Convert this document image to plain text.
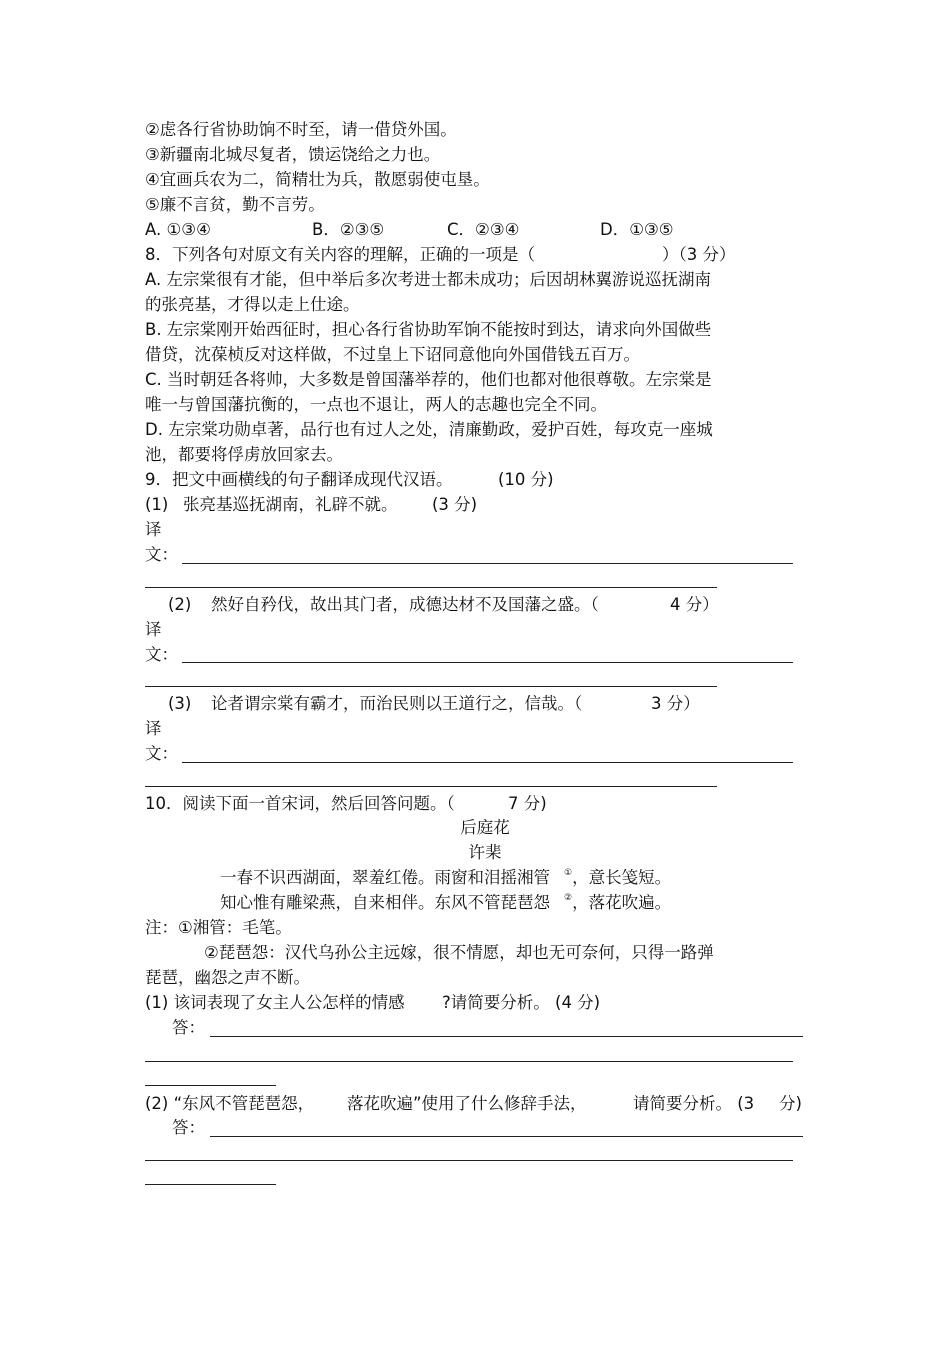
②虑各行省协助饷不时至，请一借贷外国。
③新疆南北城尽复者，馈运饶给之力也。
④宜画兵农为二，简精壮为兵，散愿弱使屯垦。
⑤廉不言贫，勤不言劳。
A. ①③④	B．②③⑤	C．②③④	D．①③⑤
8．下列各句对原文有关内容的理解，正确的一项是（	）（3 分）
A. 左宗棠很有才能，但中举后多次考进士都未成功；后因胡林翼游说巡抚湖南
的张亮基，才得以走上仕途。
B. 左宗棠刚开始西征时，担心各行省协助军饷不能按时到达，请求向外国做些
借贷，沈葆桢反对这样做，不过皇上下诏同意他向外国借钱五百万。
C. 当时朝廷各将帅，大多数是曾国藩举荐的，他们也都对他很尊敬。左宗棠是
唯一与曾国藩抗衡的，一点也不退让，两人的志趣也完全不同。
D. 左宗棠功勋卓著，品行也有过人之处，清廉勤政，爱护百姓，每攻克一座城
池，都要将俘虏放回家去。
9．把文中画横线的句子翻译成现代汉语。	(10 分)
(1) 张亮基巡抚湖南，礼辟不就。 (3 分)
译
文：
(2) 然好自矜伐，故出其门者，成德达材不及国藩之盛。（	4 分）
译
文：
(3) 论者谓宗棠有霸才，而治民则以王道行之，信哉。（	3 分）
译
文：
10．阅读下面一首宋词，然后回答问题。（	7 分)
后庭花
许棐
一春不识西湖面，翠羞红倦。雨窗和泪摇湘管 ①，意长笺短。
知心惟有雕梁燕，自来相伴。东风不管琵琶怨 ②，落花吹遍。
注：①湘管：毛笔。
②琵琶怨：汉代乌孙公主远嫁，很不情愿，却也无可奈何，只得一路弹
琵琶，幽怨之声不断。
(1) 该词表现了女主人公怎样的情感 ?请简要分析。 (4 分)
答：
(2) “东风不管琵琶怨， 落花吹遍”使用了什么修辞手法，	请简要分析。 (3 分)
答：
